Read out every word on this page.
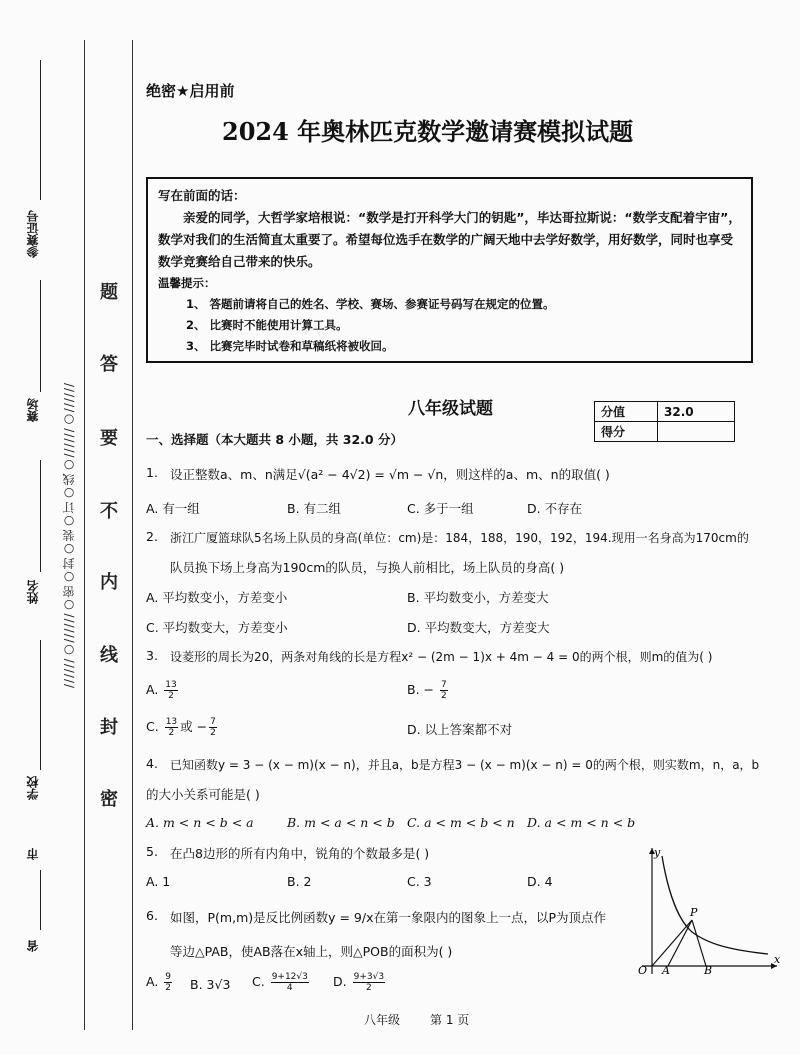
//////○//////○密○封○装○订○线○//////○//////
题
答
要
不
内
线
封
密
参赛证号
赛场
姓名
学校
市
省
绝密★启用前
2024 年奥林匹克数学邀请赛模拟试题
写在前面的话：
亲爱的同学，大哲学家培根说：“数学是打开科学大门的钥匙”，毕达哥拉斯说：“数学支配着宇宙”，数学对我们的生活简直太重要了。希望每位选手在数学的广阔天地中去学好数学，用好数学，同时也享受数学竞赛给自己带来的快乐。
温馨提示：
1、 答题前请将自己的姓名、学校、赛场、参赛证号码写在规定的位置。
2、 比赛时不能使用计算工具。
3、 比赛完毕时试卷和草稿纸将被收回。
八年级试题	分值	32.0
得分	
一、选择题（本大题共 8 小题，共 32.0 分）
1. 设正整数a、m、n满足√(a² − 4√2) = √m − √n，则这样的a、m、n的取值( )
A. 有一组	B. 有二组	C. 多于一组	D. 不存在
2. 浙江广厦篮球队5名场上队员的身高(单位：cm)是：184，188，190，192，194.现用一名身高为170cm的
队员换下场上身高为190cm的队员，与换人前相比，场上队员的身高( )
A. 平均数变小，方差变小	B. 平均数变小，方差变大
C. 平均数变大，方差变小	D. 平均数变大，方差变大
3. 设菱形的周长为20，两条对角线的长是方程x² − (2m − 1)x + 4m − 4 = 0的两个根，则m的值为( )
A. $\frac{13}{2}$	B. − $\frac{7}{2}$
C. $\frac{13}{2}$ 或 − $\frac{7}{2}$	D. 以上答案都不对
4. 已知函数y = 3 − (x − m)(x − n)，并且a，b是方程3 − (x − m)(x − n) = 0的两个根，则实数m，n，a，b
的大小关系可能是( )
A. m < n < b < a	B. m < a < n < b C. a < m < b < n D. a < m < n < b
5. 在凸8边形的所有内角中，锐角的个数最多是( )
A. 1	B. 2	C. 3	D. 4
6. 如图，P(m,m)是反比例函数y = 9/x在第一象限内的图象上一点，以P为顶点作
等边△PAB，使AB落在x轴上，则△POB的面积为( )
A. $\frac{9}{2} B$. 3√3 C. $\frac{9+12√3}{4} D$. $\frac{9+3√3}{2}$
y
x
O A	B
P
八年级 第 1 页
